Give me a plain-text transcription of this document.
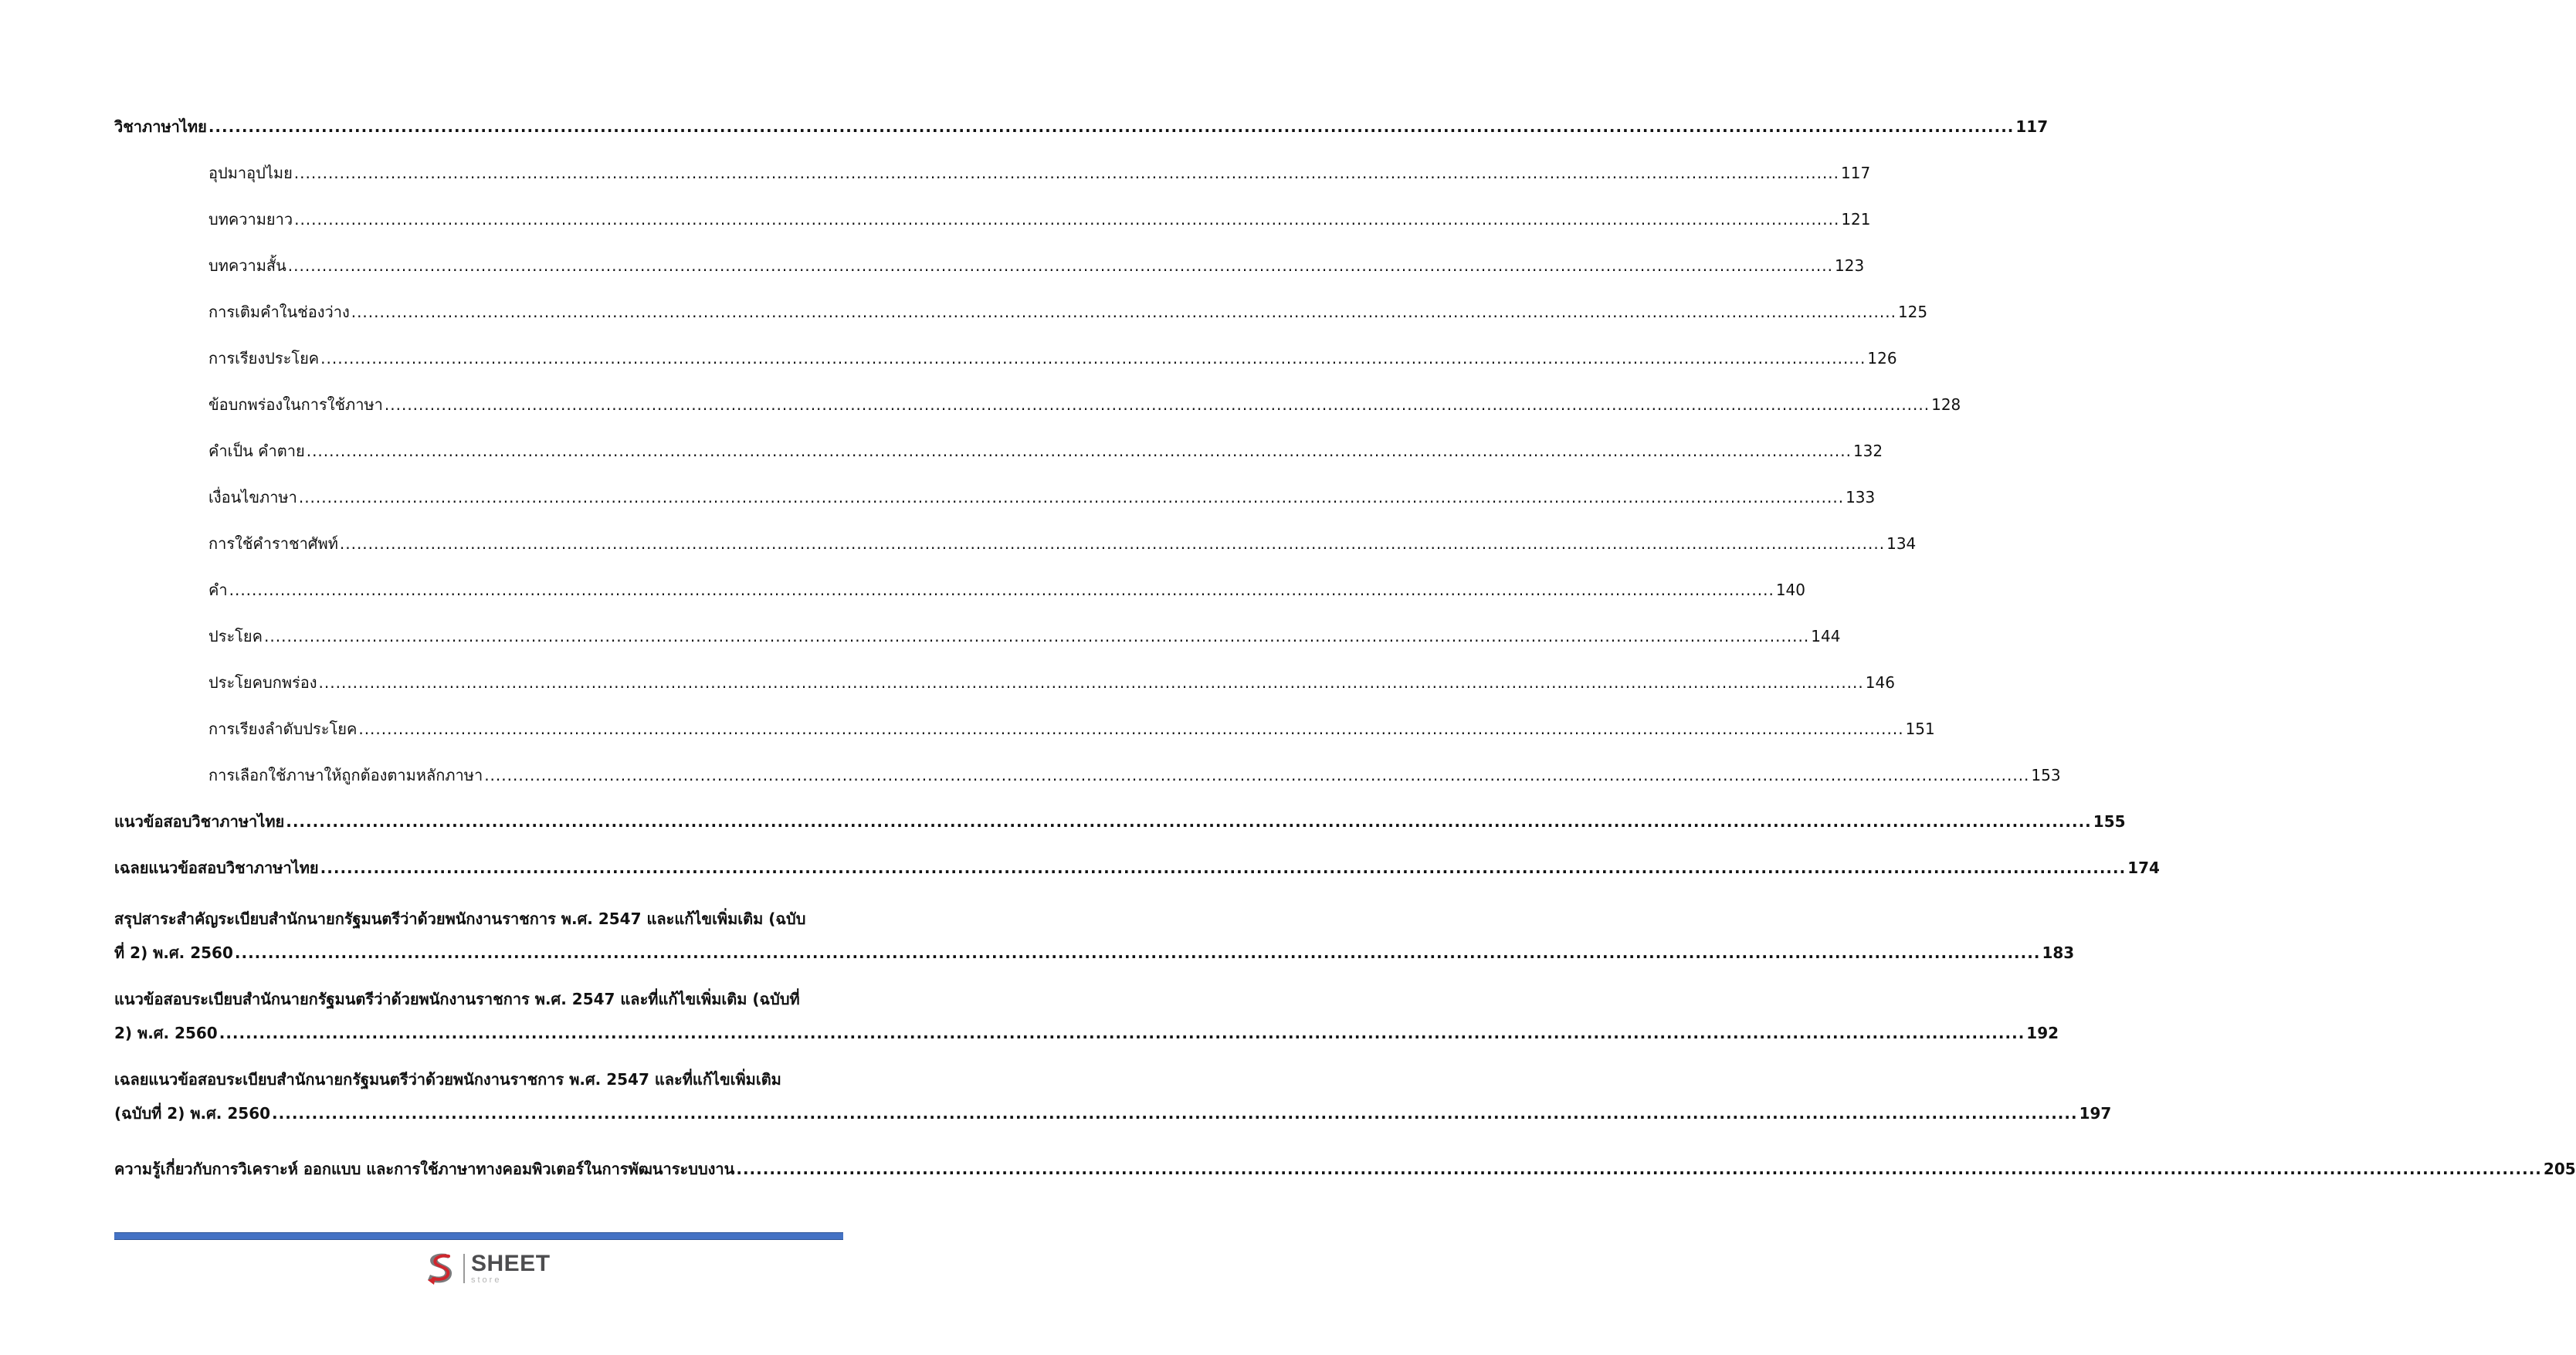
วิชาภาษาไทย .....	117
อุปมาอุปไมย .....	117
บทความยาว .....	121
บทความสั้น .....	123
การเติมคำในช่องว่าง .....	125
การเรียงประโยค .....	126
ข้อบกพร่องในการใช้ภาษา .....	128
คำเป็น คำตาย .....	132
เงื่อนไขภาษา .....	133
การใช้คำราชาศัพท์ .....	134
คำ .....	140
ประโยค .....	144
ประโยคบกพร่อง .....	146
การเรียงลำดับประโยค .....	151
การเลือกใช้ภาษาให้ถูกต้องตามหลักภาษา .....	153
แนวข้อสอบวิชาภาษาไทย .....	155
เฉลยแนวข้อสอบวิชาภาษาไทย .....	174
สรุปสาระสำคัญระเบียบสำนักนายกรัฐมนตรีว่าด้วยพนักงานราชการ พ.ศ. 2547 และแก้ไขเพิ่มเติม (ฉบับ
ที่ 2) พ.ศ. 2560 .....	183
แนวข้อสอบระเบียบสำนักนายกรัฐมนตรีว่าด้วยพนักงานราชการ พ.ศ. 2547 และที่แก้ไขเพิ่มเติม (ฉบับที่
2) พ.ศ. 2560 .....	192
เฉลยแนวข้อสอบระเบียบสำนักนายกรัฐมนตรีว่าด้วยพนักงานราชการ พ.ศ. 2547 และที่แก้ไขเพิ่มเติม
(ฉบับที่ 2) พ.ศ. 2560 .....	197
ความรู้เกี่ยวกับการวิเคราะห์ ออกแบบ และการใช้ภาษาทางคอมพิวเตอร์ในการพัฒนาระบบงาน .....	205
SHEET
store
